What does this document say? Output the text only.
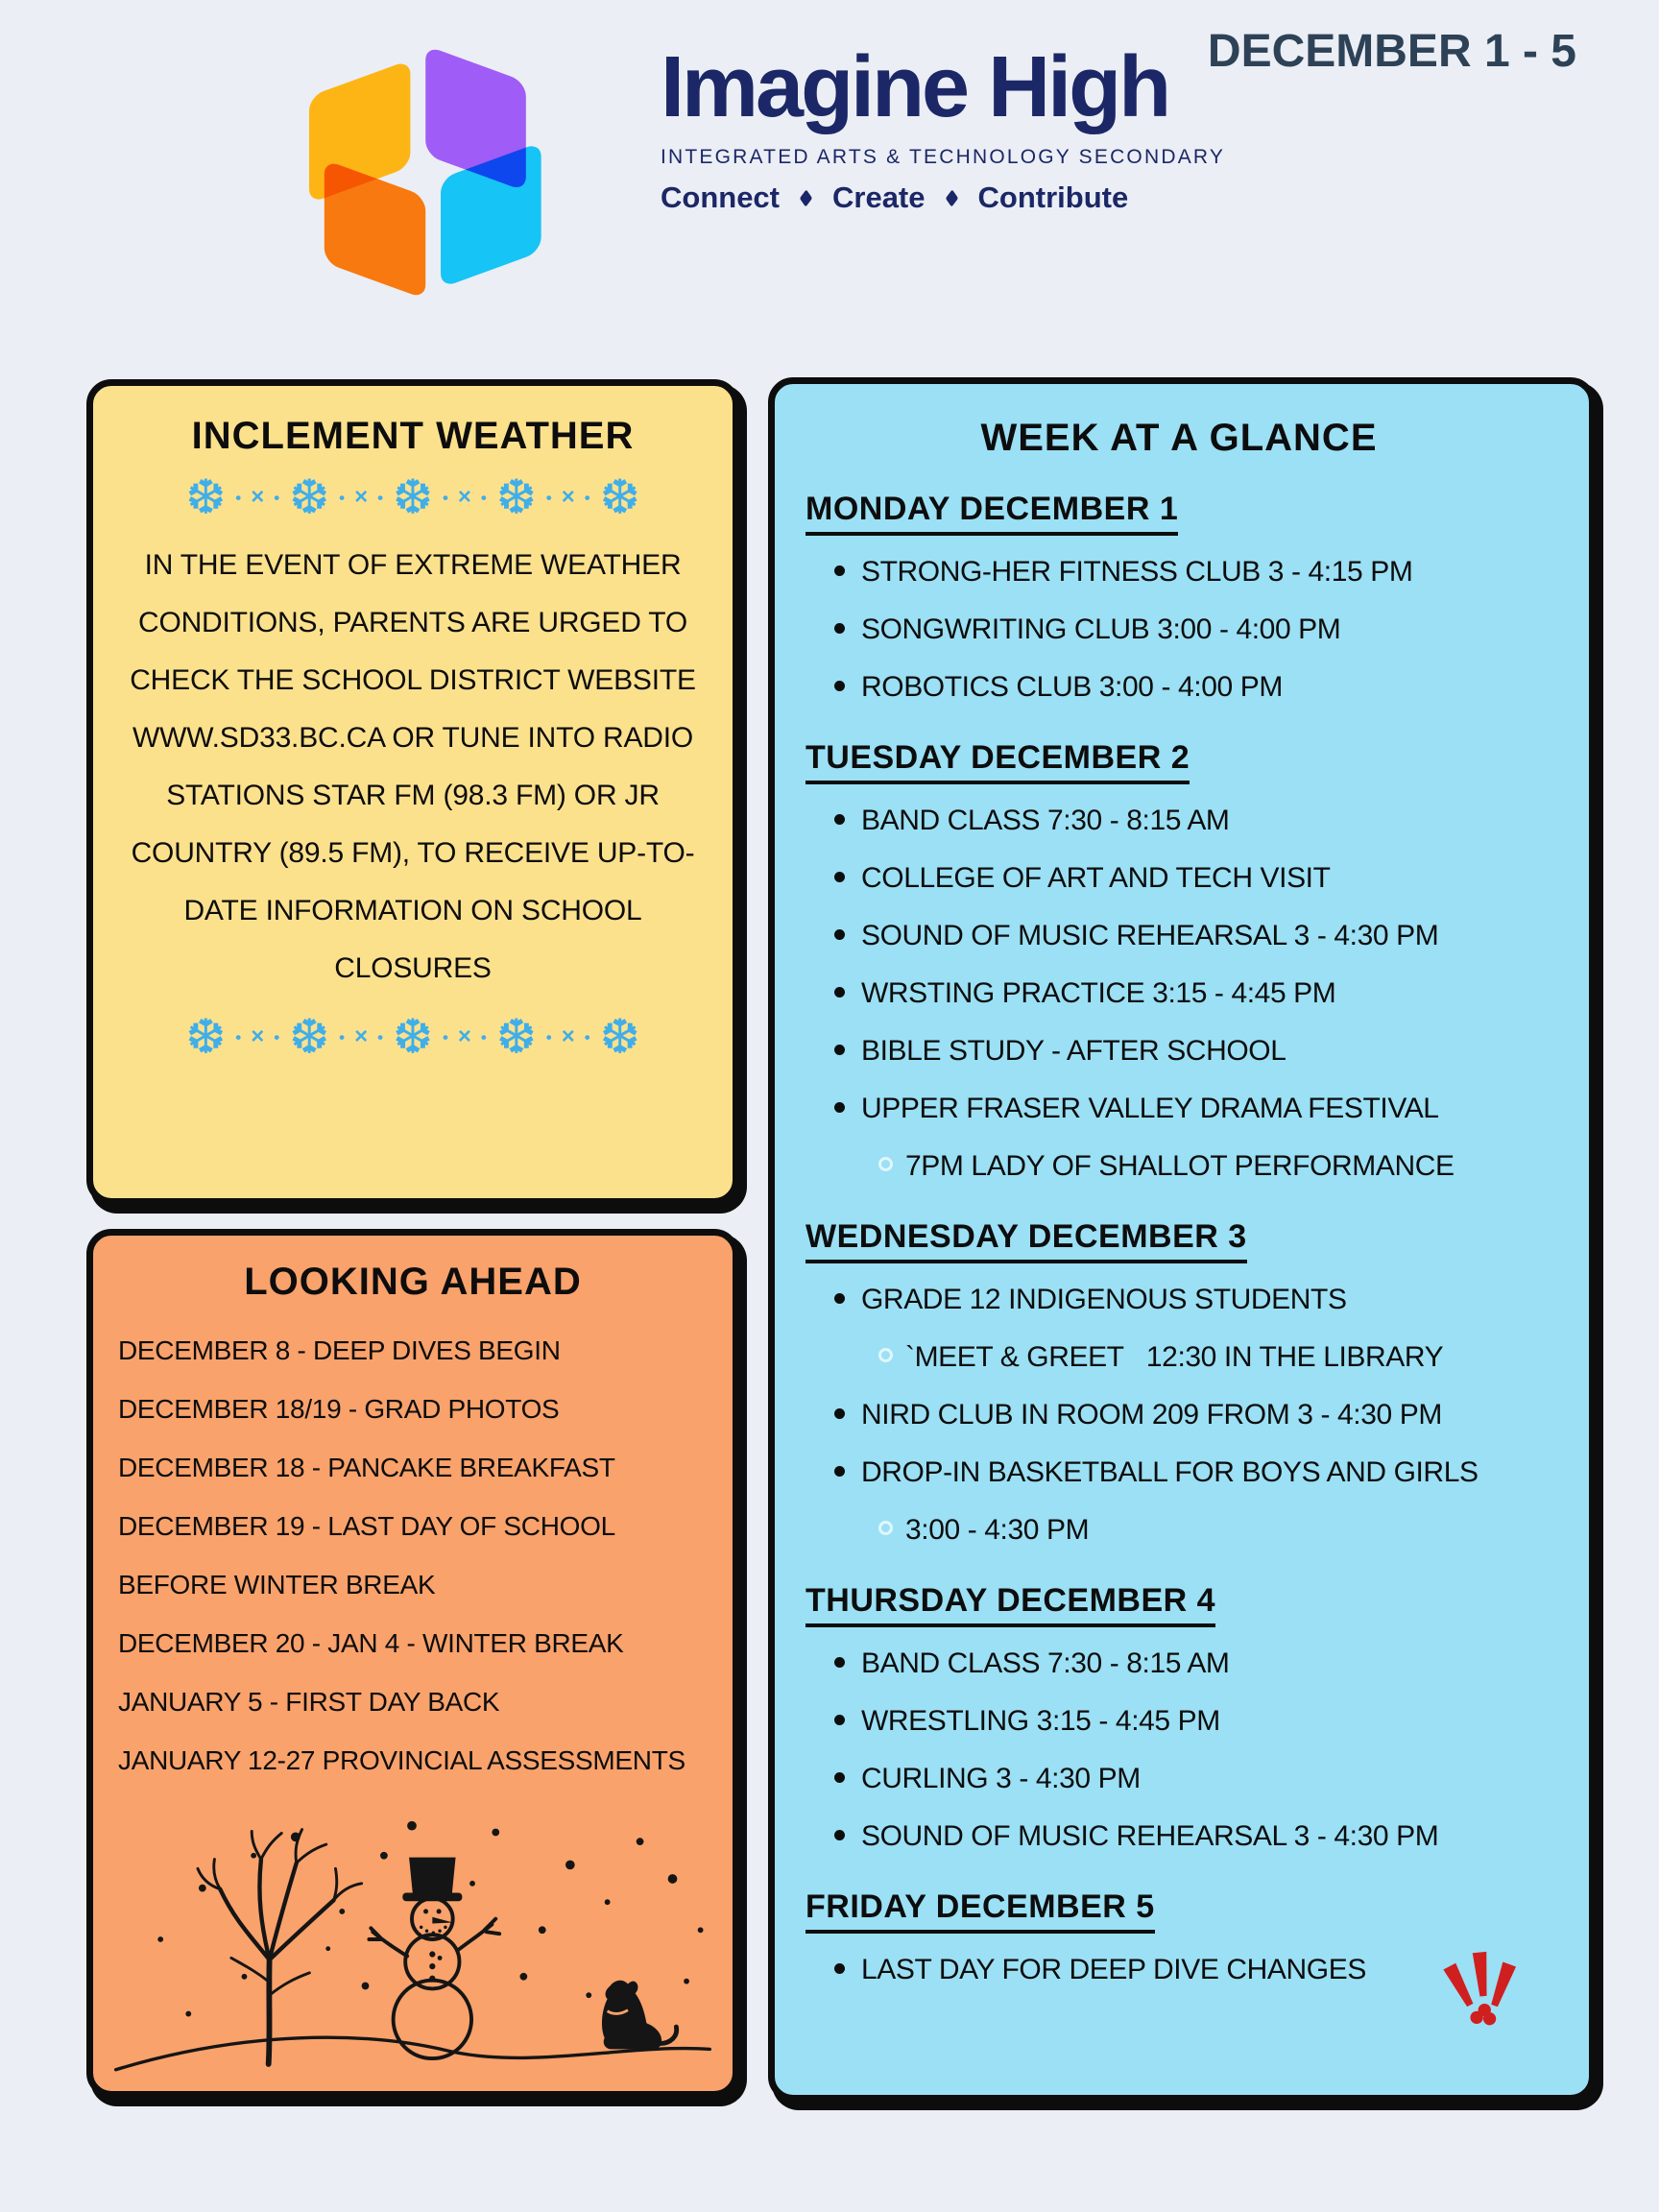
Imagine High
INTEGRATED ARTS & TECHNOLOGY SECONDARY
Connect Create Contribute
DECEMBER 1 - 5
INCLEMENT WEATHER
❆ • × • ❆ • × • ❆ • × • ❆ • × • ❆

IN THE EVENT OF EXTREME WEATHER CONDITIONS, PARENTS ARE URGED TO CHECK THE SCHOOL DISTRICT WEBSITE WWW.SD33.BC.CA OR TUNE INTO RADIO STATIONS STAR FM (98.3 FM) OR JR COUNTRY (89.5 FM), TO RECEIVE UP-TO-DATE INFORMATION ON SCHOOL CLOSURES

❆ • × • ❆ • × • ❆ • × • ❆ • × • ❆
LOOKING AHEAD
DECEMBER 8 - DEEP DIVES BEGIN
DECEMBER 18/19 - GRAD PHOTOS
DECEMBER 18 - PANCAKE BREAKFAST
DECEMBER 19 - LAST DAY OF SCHOOL
BEFORE WINTER BREAK
DECEMBER 20 - JAN 4 - WINTER BREAK
JANUARY 5 - FIRST DAY BACK
JANUARY 12-27 PROVINCIAL ASSESSMENTS
WEEK AT A GLANCE
MONDAY DECEMBER 1
STRONG-HER FITNESS CLUB 3 - 4:15 PM
SONGWRITING CLUB 3:00 - 4:00 PM
ROBOTICS CLUB 3:00 - 4:00 PM
TUESDAY DECEMBER 2
BAND CLASS 7:30 - 8:15 AM
COLLEGE OF ART AND TECH VISIT
SOUND OF MUSIC REHEARSAL 3 - 4:30 PM
WRSTING PRACTICE 3:15 - 4:45 PM
BIBLE STUDY - AFTER SCHOOL
UPPER FRASER VALLEY DRAMA FESTIVAL
7PM LADY OF SHALLOT PERFORMANCE
WEDNESDAY DECEMBER 3
GRADE 12 INDIGENOUS STUDENTS
`MEET & GREET   12:30 IN THE LIBRARY
NIRD CLUB IN ROOM 209 FROM 3 - 4:30 PM
DROP-IN BASKETBALL FOR BOYS AND GIRLS
3:00 - 4:30 PM
THURSDAY DECEMBER 4
BAND CLASS 7:30 - 8:15 AM
WRESTLING 3:15 - 4:45 PM
CURLING 3 - 4:30 PM
SOUND OF MUSIC REHEARSAL 3 - 4:30 PM
FRIDAY DECEMBER 5
LAST DAY FOR DEEP DIVE CHANGES
